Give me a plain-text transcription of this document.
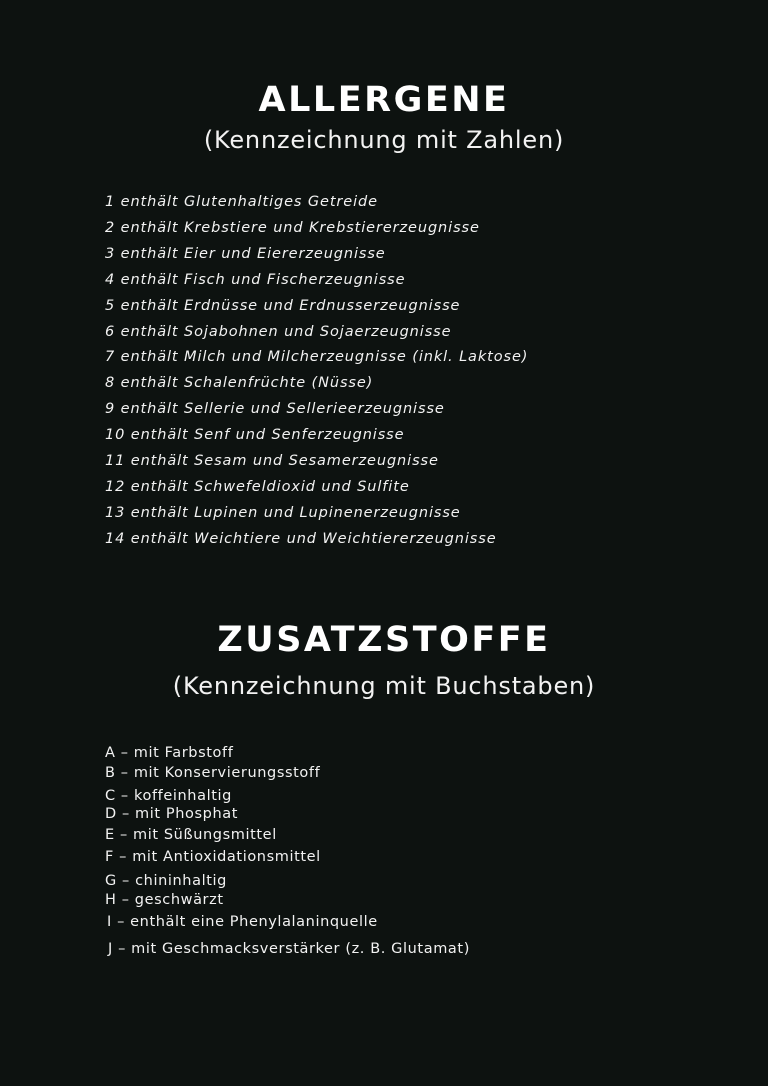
ALLERGENE

(Kennzeichnung mit Zahlen)

1 enthält Glutenhaltiges Getreide
2 enthält Krebstiere und Krebstiererzeugnisse
3 enthält Eier und Eiererzeugnisse
4 enthält Fisch und Fischerzeugnisse
5 enthält Erdnüsse und Erdnusserzeugnisse
6 enthält Sojabohnen und Sojaerzeugnisse
7 enthält Milch und Milcherzeugnisse (inkl. Laktose)
8 enthält Schalenfrüchte (Nüsse)
9 enthält Sellerie und Sellerieerzeugnisse
10 enthält Senf und Senferzeugnisse
11 enthält Sesam und Sesamerzeugnisse
12 enthält Schwefeldioxid und Sulfite
13 enthält Lupinen und Lupinenerzeugnisse
14 enthält Weichtiere und Weichtiererzeugnisse
ZUSATZSTOFFE

(Kennzeichnung mit Buchstaben)

A – mit Farbstoff
B – mit Konservierungsstoff
C – koffeinhaltig
D – mit Phosphat
E – mit Süßungsmittel
F – mit Antioxidationsmittel
G – chininhaltig
H – geschwärzt
I – enthält eine Phenylalaninquelle
J – mit Geschmacksverstärker (z. B. Glutamat)
